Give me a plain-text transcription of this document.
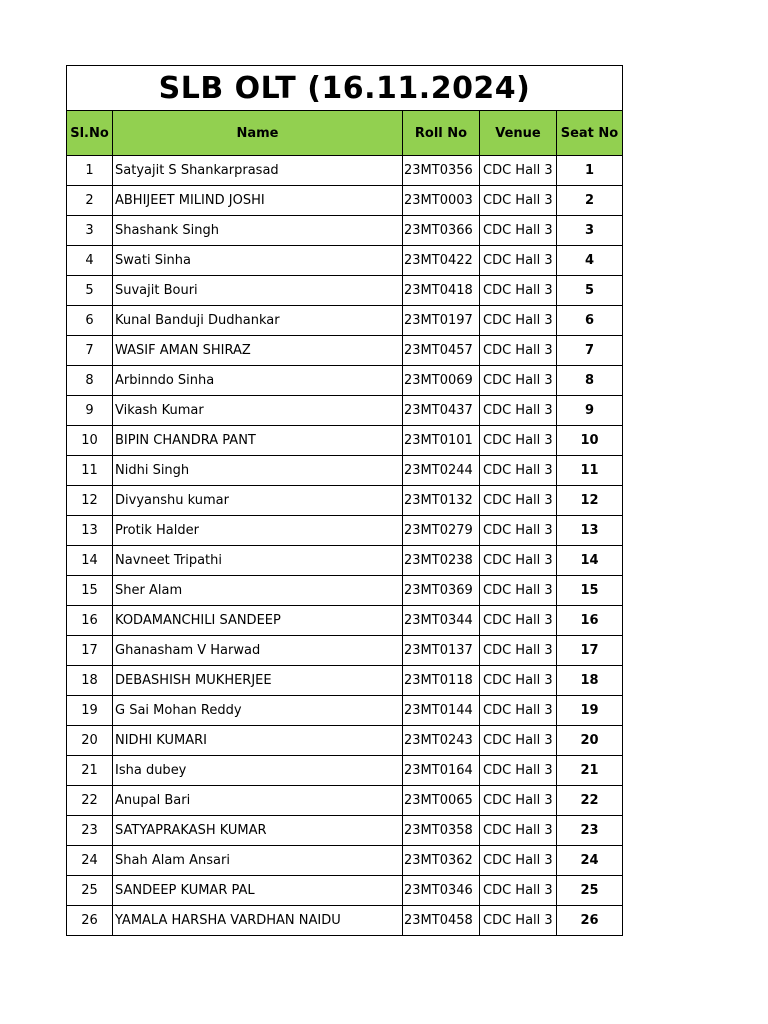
SLB OLT (16.11.2024)				
Sl.No	Name	Roll No	Venue	Seat No
1	Satyajit S Shankarprasad	23MT0356	CDC Hall 3	1
2	ABHIJEET MILIND JOSHI	23MT0003	CDC Hall 3	2
3	Shashank Singh	23MT0366	CDC Hall 3	3
4	Swati Sinha	23MT0422	CDC Hall 3	4
5	Suvajit Bouri	23MT0418	CDC Hall 3	5
6	Kunal Banduji Dudhankar	23MT0197	CDC Hall 3	6
7	WASIF AMAN SHIRAZ	23MT0457	CDC Hall 3	7
8	Arbinndo Sinha	23MT0069	CDC Hall 3	8
9	Vikash Kumar	23MT0437	CDC Hall 3	9
10	BIPIN CHANDRA PANT	23MT0101	CDC Hall 3	10
11	Nidhi Singh	23MT0244	CDC Hall 3	11
12	Divyanshu kumar	23MT0132	CDC Hall 3	12
13	Protik Halder	23MT0279	CDC Hall 3	13
14	Navneet Tripathi	23MT0238	CDC Hall 3	14
15	Sher Alam	23MT0369	CDC Hall 3	15
16	KODAMANCHILI SANDEEP	23MT0344	CDC Hall 3	16
17	Ghanasham V Harwad	23MT0137	CDC Hall 3	17
18	DEBASHISH MUKHERJEE	23MT0118	CDC Hall 3	18
19	G Sai Mohan Reddy	23MT0144	CDC Hall 3	19
20	NIDHI KUMARI	23MT0243	CDC Hall 3	20
21	Isha dubey	23MT0164	CDC Hall 3	21
22	Anupal Bari	23MT0065	CDC Hall 3	22
23	SATYAPRAKASH KUMAR	23MT0358	CDC Hall 3	23
24	Shah Alam Ansari	23MT0362	CDC Hall 3	24
25	SANDEEP KUMAR PAL	23MT0346	CDC Hall 3	25
26	YAMALA HARSHA VARDHAN NAIDU	23MT0458	CDC Hall 3	26
